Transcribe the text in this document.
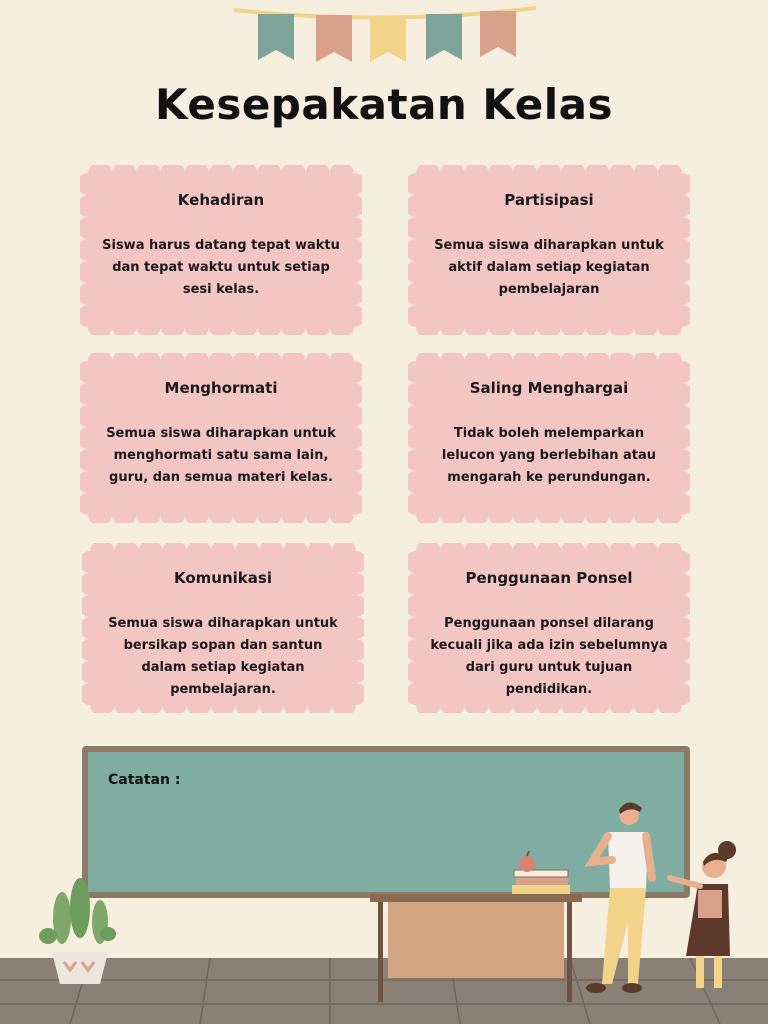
Kesepakatan Kelas
Kehadiran
Siswa harus datang tepat waktu dan tepat waktu untuk setiap sesi kelas.
Partisipasi
Semua siswa diharapkan untuk aktif dalam setiap kegiatan pembelajaran
Menghormati
Semua siswa diharapkan untuk menghormati satu sama lain, guru, dan semua materi kelas.
Saling Menghargai
Tidak boleh melemparkan lelucon yang berlebihan atau mengarah ke perundungan.
Komunikasi
Semua siswa diharapkan untuk bersikap sopan dan santun dalam setiap kegiatan pembelajaran.
Penggunaan Ponsel
Penggunaan ponsel dilarang kecuali jika ada izin sebelumnya dari guru untuk tujuan pendidikan.
Catatan :
